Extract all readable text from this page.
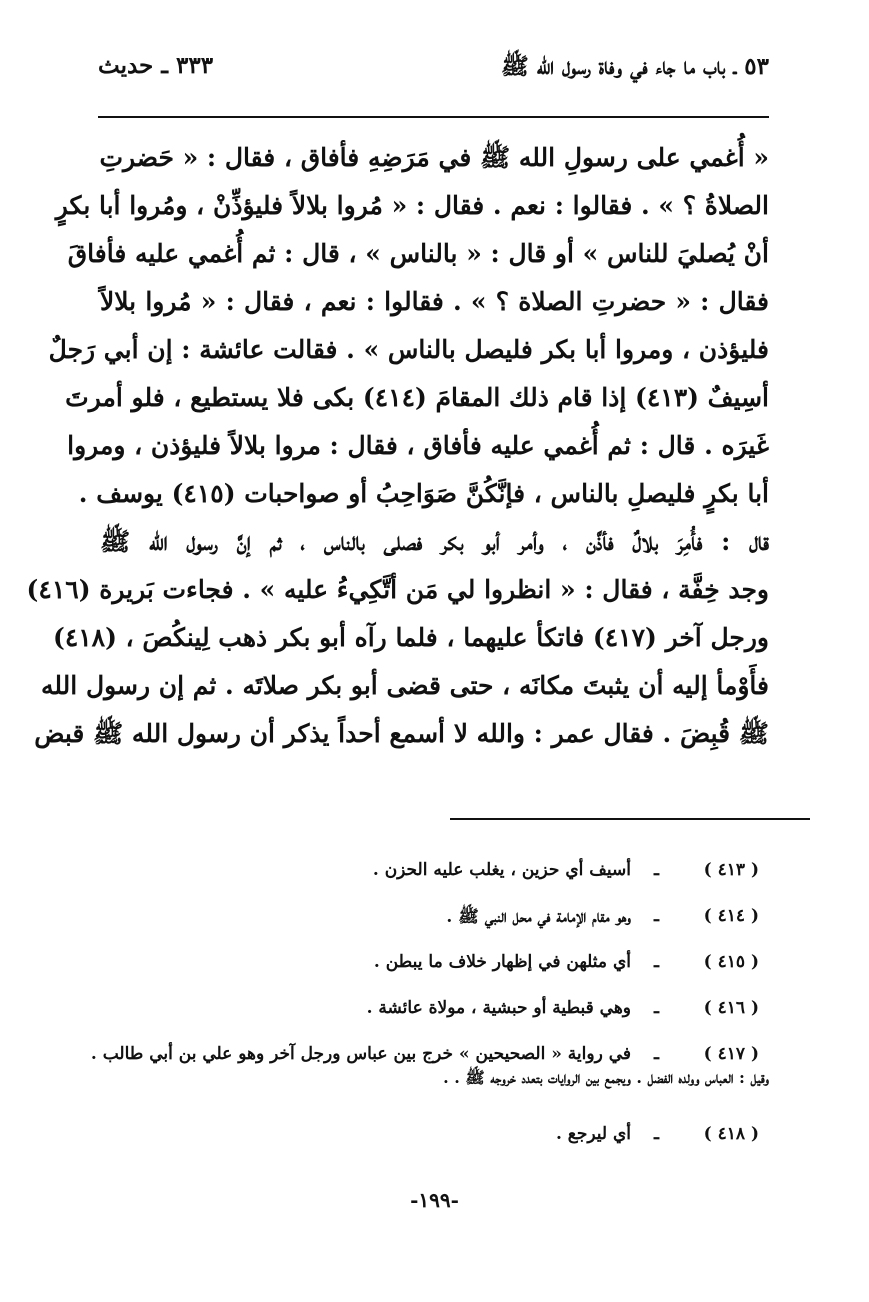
٥٣ ـ باب ما جاء في وفاة رسول الله ﷺ
٣٣٣ ـ حديث
« أُغمي على رسولِ الله ﷺ في مَرَضِهِ فأفاق ، فقال : « حَضرتِ
الصلاةُ ؟ » . فقالوا : نعم . فقال : « مُروا بلالاً فليؤذِّنْ ، ومُروا أبا بكرٍ
أنْ يُصليَ للناس » أو قال : « بالناس » ، قال : ثم أُغمي عليه فأفاقَ
فقال : « حضرتِ الصلاة ؟ » . فقالوا : نعم ، فقال : « مُروا بلالاً
فليؤذن ، ومروا أبا بكر فليصل بالناس » . فقالت عائشة : إن أبي رَجلٌ
أسِيفٌ (٤١٣) إذا قام ذلك المقامَ (٤١٤) بكى فلا يستطيع ، فلو أمرتَ
غَيرَه . قال : ثم أُغمي عليه فأفاق ، فقال : مروا بلالاً فليؤذن ، ومروا
أبا بكرٍ فليصلِ بالناس ، فإنَّكُنَّ صَوَاحِبُ أو صواحبات (٤١٥) يوسف .
قال : فأُمِرَ بلالٌ فأذَّن ، وأمر أبو بكر فصلى بالناس ، ثم إنَّ رسول الله ﷺ
وجد خِفَّة ، فقال : « انظروا لي مَن أتَّكِيءُ عليه » . فجاءت بَريرة (٤١٦)
ورجل آخر (٤١٧) فاتكأ عليهما ، فلما رآه أبو بكر ذهب لِينكُصَ ، (٤١٨)
فأَوْمأ إليه أن يثبتَ مكانَه ، حتى قضى أبو بكر صلاتَه . ثم إن رسول الله
ﷺ قُبِضَ . فقال عمر : والله لا أسمع أحداً يذكر أن رسول الله ﷺ قبض
( ٤١٣ )
ـ
أسيف أي حزين ، يغلب عليه الحزن .
( ٤١٤ )
ـ
وهو مقام الإمامة في محل النبي ﷺ .
( ٤١٥ )
ـ
أي مثلهن في إظهار خلاف ما يبطن .
( ٤١٦ )
ـ
وهي قبطية أو حبشية ، مولاة عائشة .
( ٤١٧ )
ـ
في رواية « الصحيحين » خرج بين عباس ورجل آخر وهو علي بن أبي طالب .
وقيل : العباس وولده الفضل . ويجمع بين الروايات بتعدد خروجه ﷺ . .
( ٤١٨ )
ـ
أي ليرجع .
-١٩٩-
